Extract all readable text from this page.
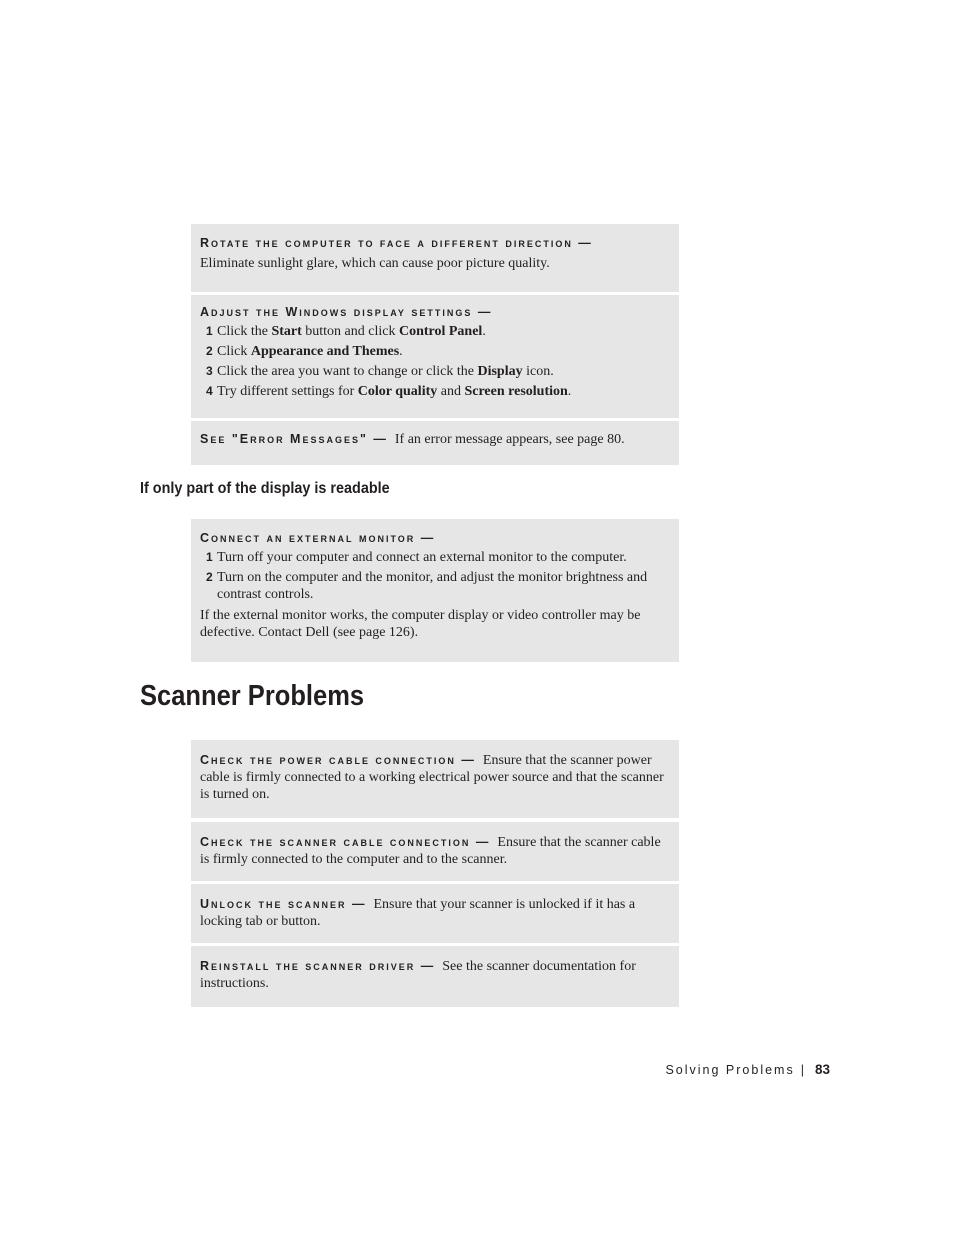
Rotate the computer to face a different direction —

Eliminate sunlight glare, which can cause poor picture quality.

Adjust the Windows display settings —
1 Click the Start button and click Control Panel.
2 Click Appearance and Themes.
3 Click the area you want to change or click the Display icon.
4 Try different settings for Color quality and Screen resolution.

See "Error Messages" — If an error message appears, see page 80.

If only part of the display is readable
Connect an external monitor —
1 Turn off your computer and connect an external monitor to the computer.
2 Turn on the computer and the monitor, and adjust the monitor brightness and contrast controls.

If the external monitor works, the computer display or video controller may be defective. Contact Dell (see page 126).

Scanner Problems

Check the power cable connection — Ensure that the scanner power cable is firmly connected to a working electrical power source and that the scanner is turned on.

Check the scanner cable connection — Ensure that the scanner cable is firmly connected to the computer and to the scanner.

Unlock the scanner — Ensure that your scanner is unlocked if it has a locking tab or button.

Reinstall the scanner driver — See the scanner documentation for instructions.

Solving Problems | 83
